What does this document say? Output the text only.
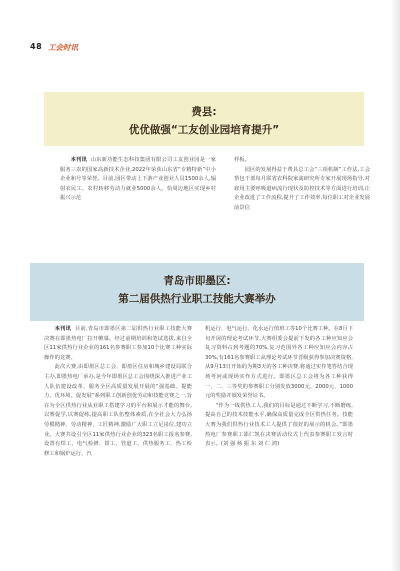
48 工会时讯
费县:
优优做强“工友创业园培育提升”
本刊讯 山东新功能生态科技集团有限公司工友创业园是一家服务三农的国家高新技术企业,2022年荣获山东省“专精特新”中小企业和号等荣誉。目前,园区带动上下游产业创业人员1500余人,辐射农民工、农村转移劳动力就业5000余人。恰周边地区实现乡村振兴示范
样板。
园区的发展得益于费县总工会“三项机制”工作法,工会帮包干部每月联省农科院家禽研究所专家开展现场指导,对雇用主要呼吸道病流行现状及防控技术等方面进行培训,让企业改进了工作流程,提升了工作效率,每位职工对企业发展前景信
青岛市即墨区:
第二届供热行业职工技能大赛举办
本刊讯 目前,青岛市即墨区第二届供热行业职工技能大赛决赛在即墨热电厂拉开帷幕。经过前期培训和笔试选拔,来自全区11家供热行业企业的161名参赛职工参加10个比赛工种实际操作的竞赛。
此次大赛,由即墨区总工会、即墨区住房和城乡建设局联合主办,即墨热电厂承办,是今年即墨区总工会围绕深入推进产业工人队伍建设改革、服务全区高质量发展开展的“强基础、提能力、优环境、促发展”系列职工创新创优劳动和技能竞赛之一,旨在为全区供热行业从业职工搭建学习的平台和展示才能的舞台,以赛促学,以赛促练,提高职工队伍整体素质,在全社会大力弘扬劳模精神、劳动精神、工匠精神,激励广大职工立足岗位,建功立业。大赛共设引全区11家供热行业企业的323名职工报名参赛,设置有焊工、电气检修、钳工、管道工、供热服务工、热工检修工和锅炉运行、汽
机运行、电气运行、化水运行值班工等10个比赛工种。在8月下旬开展的理论考试环节,大赛组委会提前下发的各工种应知应会复习资料占到考题的70%,复习范围外各工种应知应会内容占30%,有161名参赛职工从理论考试环节晋级获得参加决赛资格,从9月13日开始的为期3天的各工种决赛,将通过实作笔答结合现场考问或现场实作方式进行。即墨区总工会将为各工种获得一、二、三等奖的参赛职工分别发放3000元、2000元、1000元的奖励并颁发荣誉证书。
“作为一线供热工人,我们的目标是通过不断学习,不断磨练,提高自己的技术技能水平,确保高质量完成全区供热任务。技能大赛为我们供热行业技术工人提供了很好的展示的机会。”即墨热电厂参赛职工邵仁凯在决赛活动仪式上代表参赛职工发言时表示。(刘 强 杨 振 东 刘 仁 鸿)
